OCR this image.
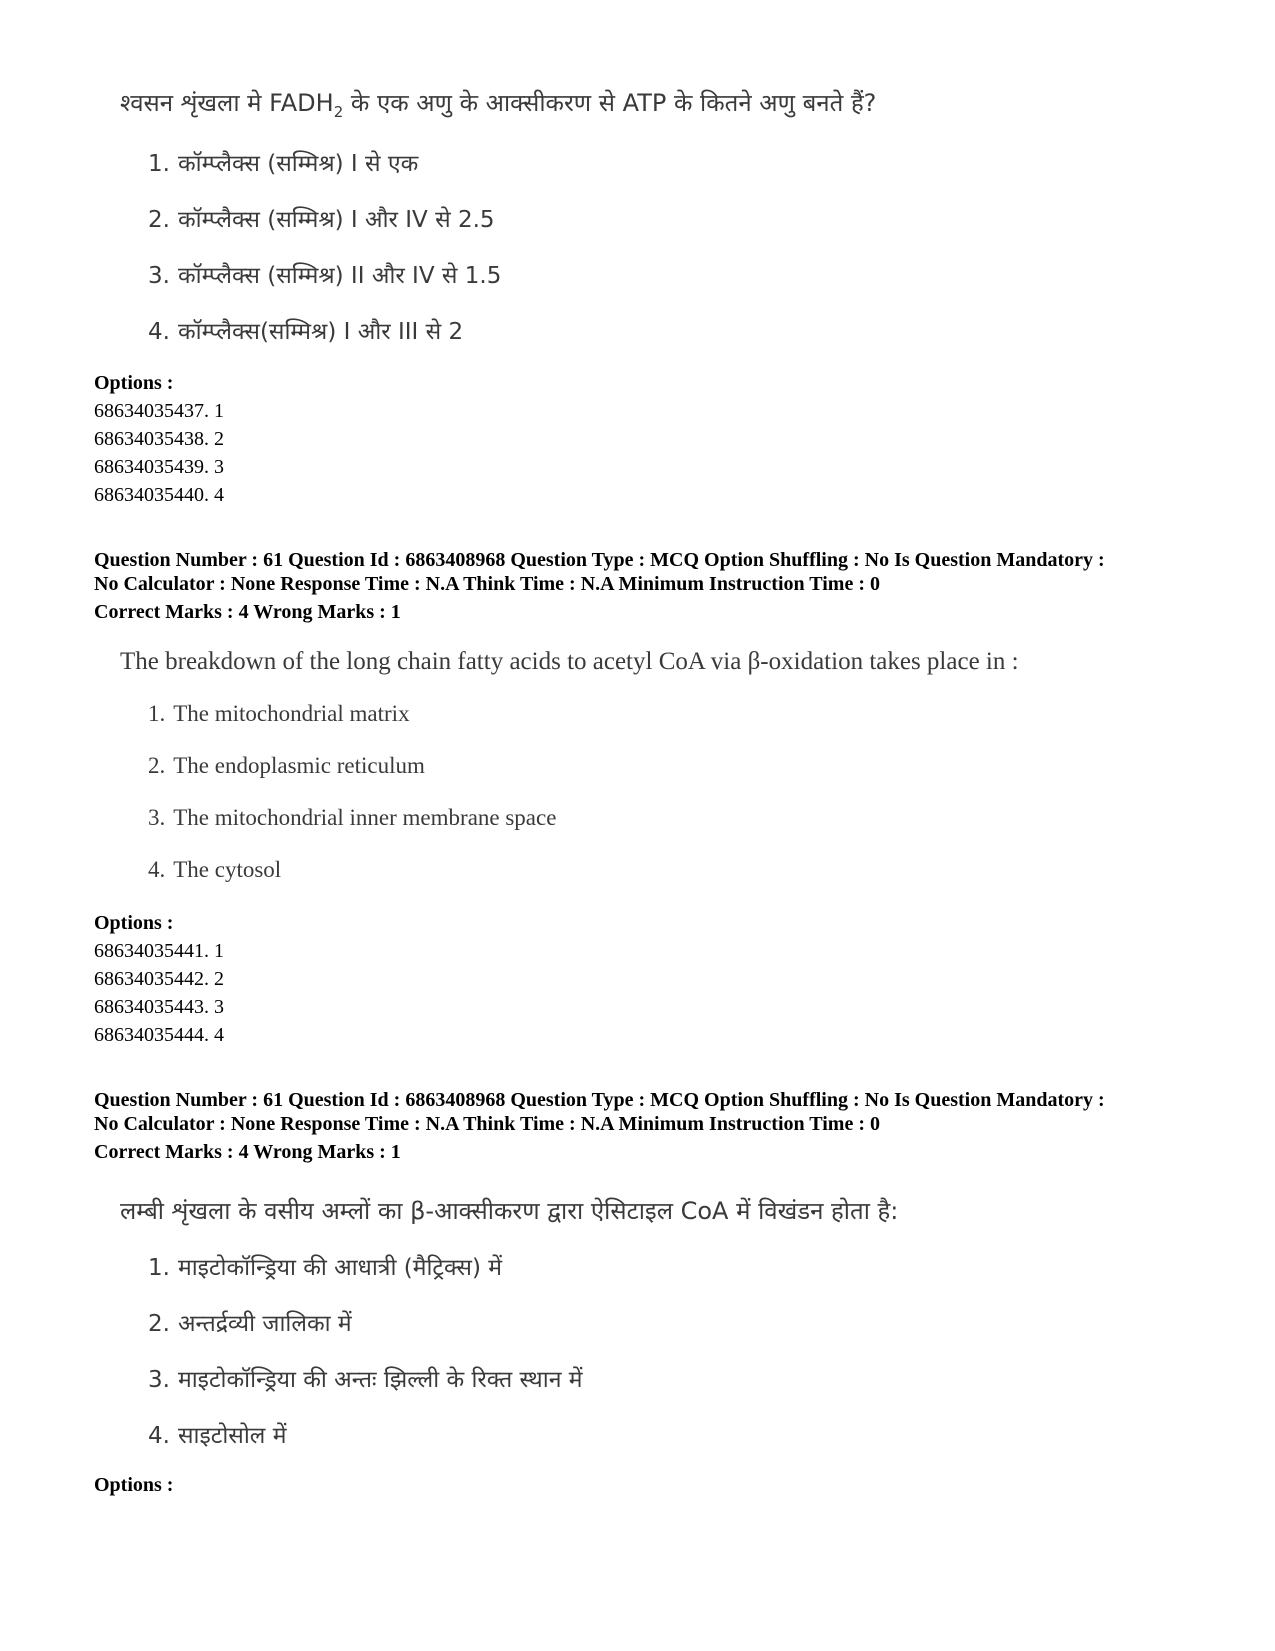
श्वसन शृंखला मे $FADH_2$ के एक अणु के आक्सीकरण से ATP के कितने अणु बनते हैं?
1. कॉम्प्लैक्स (सम्मिश्र) I से एक
2. कॉम्प्लैक्स (सम्मिश्र) I और IV से 2.5
3. कॉम्प्लैक्स (सम्मिश्र) II और IV से 1.5
4. कॉम्प्लैक्स(सम्मिश्र) I और III से 2
Options :
68634035437. 1
68634035438. 2
68634035439. 3
68634035440. 4
Question Number : 61 Question Id : 6863408968 Question Type : MCQ Option Shuffling : No Is Question Mandatory :
No Calculator : None Response Time : N.A Think Time : N.A Minimum Instruction Time : 0
Correct Marks : 4 Wrong Marks : 1
The breakdown of the long chain fatty acids to acetyl CoA via β-oxidation takes place in :
1. The mitochondrial matrix
2. The endoplasmic reticulum
3. The mitochondrial inner membrane space
4. The cytosol
Options :
68634035441. 1
68634035442. 2
68634035443. 3
68634035444. 4
Question Number : 61 Question Id : 6863408968 Question Type : MCQ Option Shuffling : No Is Question Mandatory :
No Calculator : None Response Time : N.A Think Time : N.A Minimum Instruction Time : 0
Correct Marks : 4 Wrong Marks : 1
लम्बी शृंखला के वसीय अम्लों का β-आक्सीकरण द्वारा ऐसिटाइल CoA में विखंडन होता है:
1. माइटोकॉन्ड्रिया की आधात्री (मैट्रिक्स) में
2. अन्तर्द्रव्यी जालिका में
3. माइटोकॉन्ड्रिया की अन्तः झिल्ली के रिक्त स्थान में
4. साइटोसोल में
Options :
